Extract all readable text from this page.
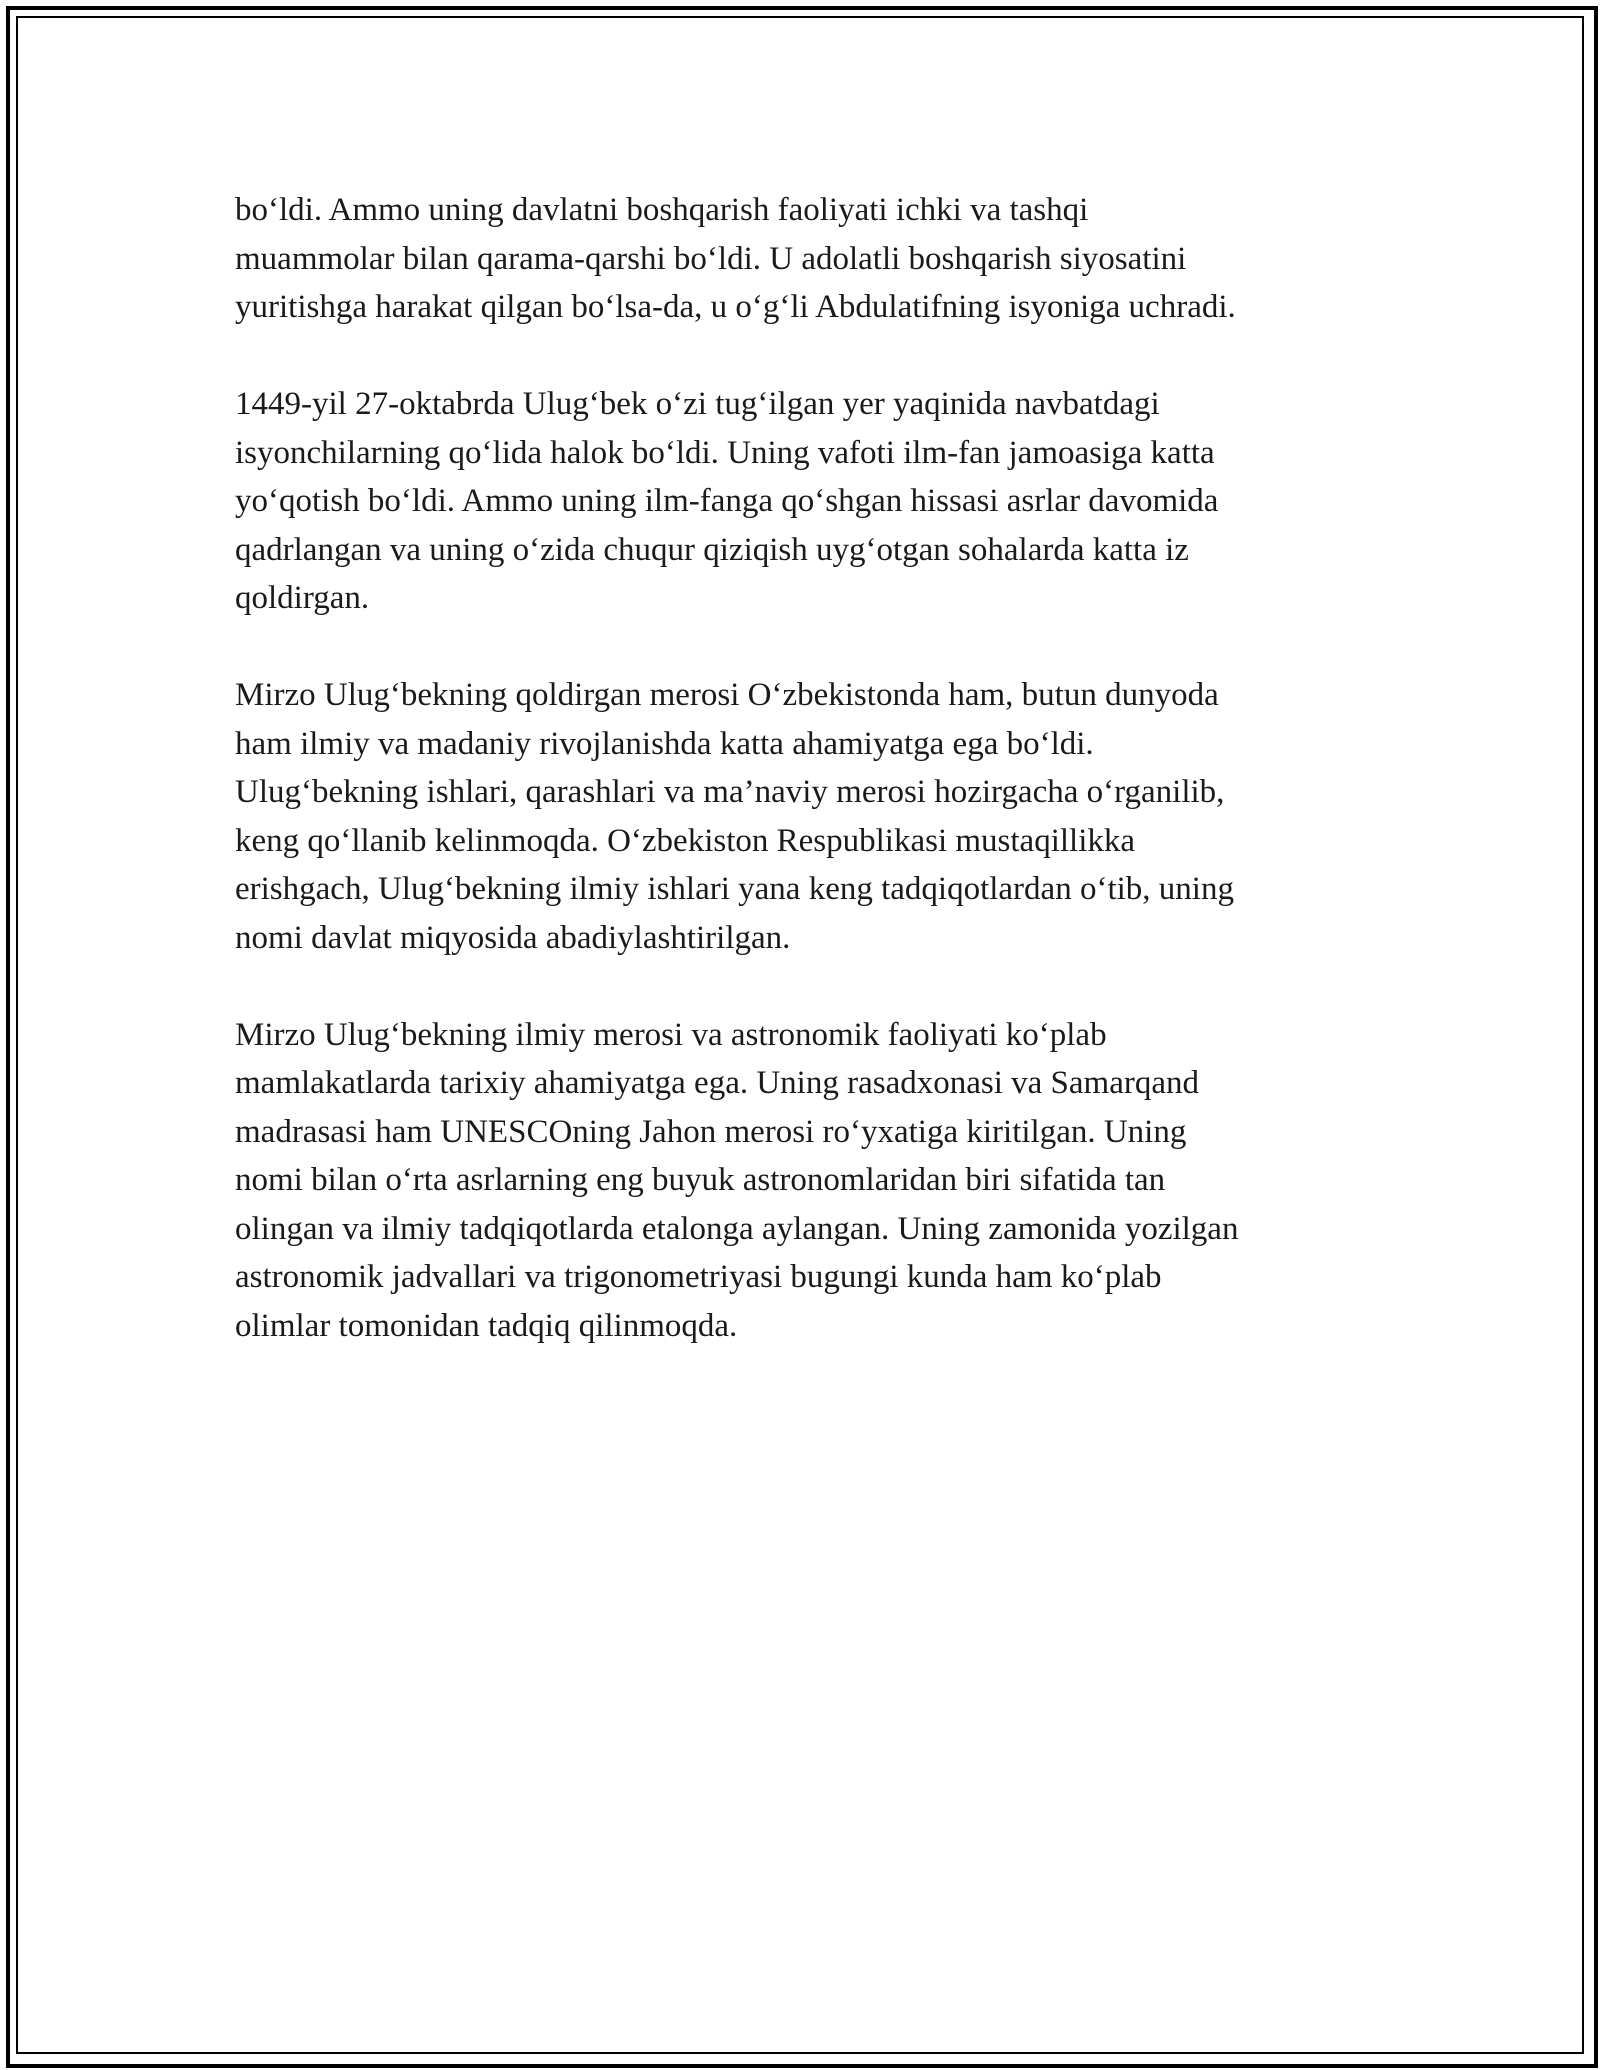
bo‘ldi. Ammo uning davlatni boshqarish faoliyati ichki va tashqi
muammolar bilan qarama-qarshi bo‘ldi. U adolatli boshqarish siyosatini
yuritishga harakat qilgan bo‘lsa-da, u o‘g‘li Abdulatifning isyoniga uchradi.

1449-yil 27-oktabrda Ulug‘bek o‘zi tug‘ilgan yer yaqinida navbatdagi
isyonchilarning qo‘lida halok bo‘ldi. Uning vafoti ilm-fan jamoasiga katta
yo‘qotish bo‘ldi. Ammo uning ilm-fanga qo‘shgan hissasi asrlar davomida
qadrlangan va uning o‘zida chuqur qiziqish uyg‘otgan sohalarda katta iz
qoldirgan.

Mirzo Ulug‘bekning qoldirgan merosi O‘zbekistonda ham, butun dunyoda
ham ilmiy va madaniy rivojlanishda katta ahamiyatga ega bo‘ldi.
Ulug‘bekning ishlari, qarashlari va ma’naviy merosi hozirgacha o‘rganilib,
keng qo‘llanib kelinmoqda. O‘zbekiston Respublikasi mustaqillikka
erishgach, Ulug‘bekning ilmiy ishlari yana keng tadqiqotlardan o‘tib, uning
nomi davlat miqyosida abadiylashtirilgan.

Mirzo Ulug‘bekning ilmiy merosi va astronomik faoliyati ko‘plab
mamlakatlarda tarixiy ahamiyatga ega. Uning rasadxonasi va Samarqand
madrasasi ham UNESCOning Jahon merosi ro‘yxatiga kiritilgan. Uning
nomi bilan o‘rta asrlarning eng buyuk astronomlaridan biri sifatida tan
olingan va ilmiy tadqiqotlarda etalonga aylangan. Uning zamonida yozilgan
astronomik jadvallari va trigonometriyasi bugungi kunda ham ko‘plab
olimlar tomonidan tadqiq qilinmoqda.
